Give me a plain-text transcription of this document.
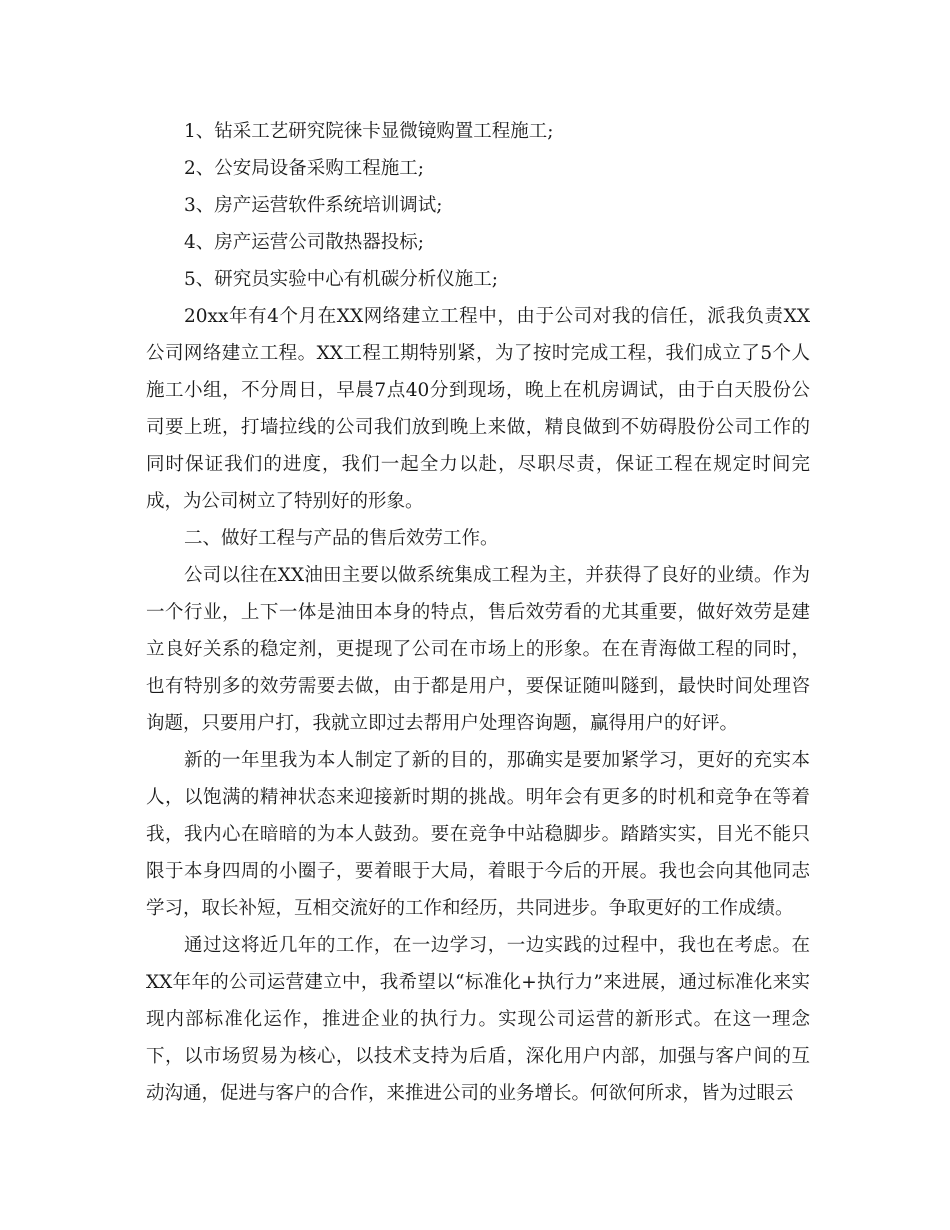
1、钻采工艺研究院徕卡显微镜购置工程施工;

2、公安局设备采购工程施工;

3、房产运营软件系统培训调试;

4、房产运营公司散热器投标;

5、研究员实验中心有机碳分析仪施工;

20xx年有4个月在XX网络建立工程中，由于公司对我的信任，派我负责XX公司网络建立工程。XX工程工期特别紧，为了按时完成工程，我们成立了5个人施工小组，不分周日，早晨7点40分到现场，晚上在机房调试，由于白天股份公司要上班，打墙拉线的公司我们放到晚上来做，精良做到不妨碍股份公司工作的同时保证我们的进度，我们一起全力以赴，尽职尽责，保证工程在规定时间完成，为公司树立了特别好的形象。

二、做好工程与产品的售后效劳工作。

公司以往在XX油田主要以做系统集成工程为主，并获得了良好的业绩。作为一个行业，上下一体是油田本身的特点，售后效劳看的尤其重要，做好效劳是建立良好关系的稳定剂，更提现了公司在市场上的形象。在在青海做工程的同时，也有特别多的效劳需要去做，由于都是用户，要保证随叫隧到，最快时间处理咨询题，只要用户打，我就立即过去帮用户处理咨询题，赢得用户的好评。

新的一年里我为本人制定了新的目的，那确实是要加紧学习，更好的充实本人，以饱满的精神状态来迎接新时期的挑战。明年会有更多的时机和竞争在等着我，我内心在暗暗的为本人鼓劲。要在竞争中站稳脚步。踏踏实实，目光不能只限于本身四周的小圈子，要着眼于大局，着眼于今后的开展。我也会向其他同志学习，取长补短，互相交流好的工作和经历，共同进步。争取更好的工作成绩。

通过这将近几年的工作，在一边学习，一边实践的过程中，我也在考虑。在XX年年的公司运营建立中，我希望以“标准化+执行力”来进展，通过标准化来实现内部标准化运作，推进企业的执行力。实现公司运营的新形式。在这一理念下，以市场贸易为核心，以技术支持为后盾，深化用户内部，加强与客户间的互动沟通，促进与客户的合作，来推进公司的业务增长。何欲何所求，皆为过眼云
